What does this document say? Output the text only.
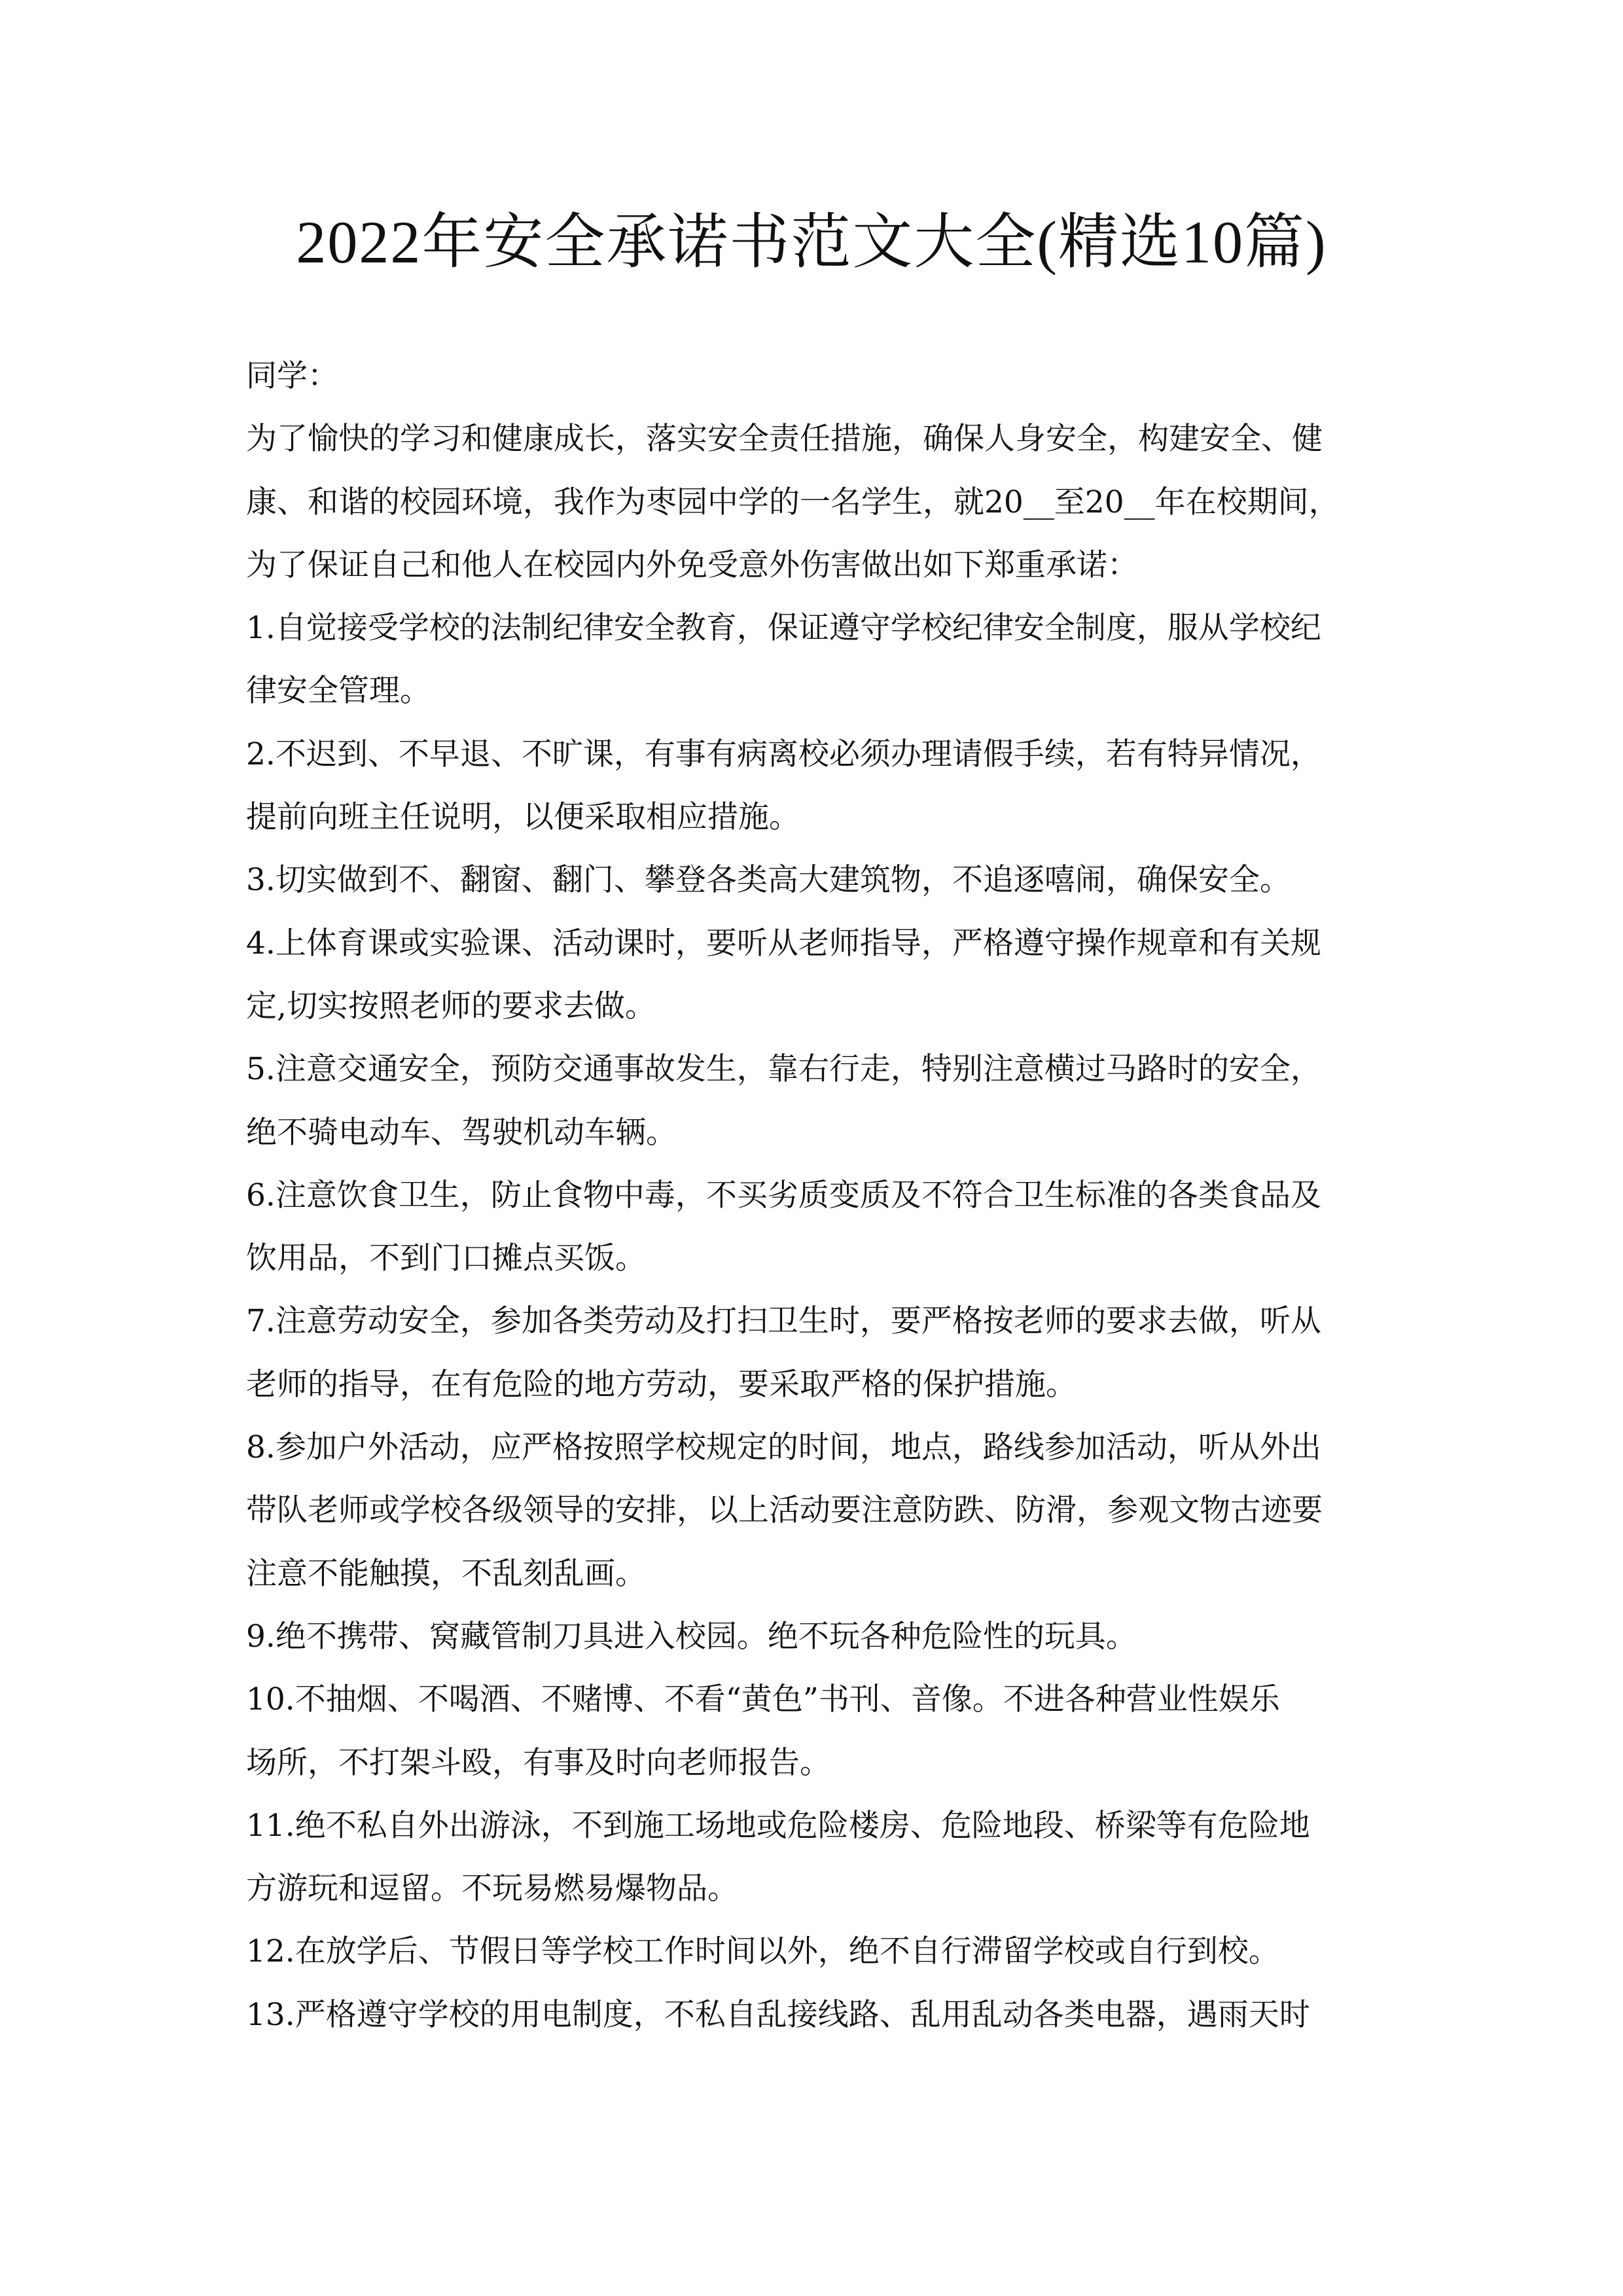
2022年安全承诺书范文大全(精选10篇)
同学：
为了愉快的学习和健康成长，落实安全责任措施，确保人身安全，构建安全、健
康、和谐的校园环境，我作为枣园中学的一名学生，就20__至20__年在校期间，
为了保证自己和他人在校园内外免受意外伤害做出如下郑重承诺：
1.自觉接受学校的法制纪律安全教育，保证遵守学校纪律安全制度，服从学校纪
律安全管理。
2.不迟到、不早退、不旷课，有事有病离校必须办理请假手续，若有特异情况，
提前向班主任说明，以便采取相应措施。
3.切实做到不、翻窗、翻门、攀登各类高大建筑物，不追逐嘻闹，确保安全。
4.上体育课或实验课、活动课时，要听从老师指导，严格遵守操作规章和有关规
定,切实按照老师的要求去做。
5.注意交通安全，预防交通事故发生，靠右行走，特别注意横过马路时的安全，
绝不骑电动车、驾驶机动车辆。
6.注意饮食卫生，防止食物中毒，不买劣质变质及不符合卫生标准的各类食品及
饮用品，不到门口摊点买饭。
7.注意劳动安全，参加各类劳动及打扫卫生时，要严格按老师的要求去做，听从
老师的指导，在有危险的地方劳动，要采取严格的保护措施。
8.参加户外活动，应严格按照学校规定的时间，地点，路线参加活动，听从外出
带队老师或学校各级领导的安排，以上活动要注意防跌、防滑，参观文物古迹要
注意不能触摸，不乱刻乱画。
9.绝不携带、窝藏管制刀具进入校园。绝不玩各种危险性的玩具。
10.不抽烟、不喝酒、不赌博、不看“黄色”书刊、音像。不进各种营业性娱乐
场所，不打架斗殴，有事及时向老师报告。
11.绝不私自外出游泳，不到施工场地或危险楼房、危险地段、桥梁等有危险地
方游玩和逗留。不玩易燃易爆物品。
12.在放学后、节假日等学校工作时间以外，绝不自行滞留学校或自行到校。
13.严格遵守学校的用电制度，不私自乱接线路、乱用乱动各类电器，遇雨天时
